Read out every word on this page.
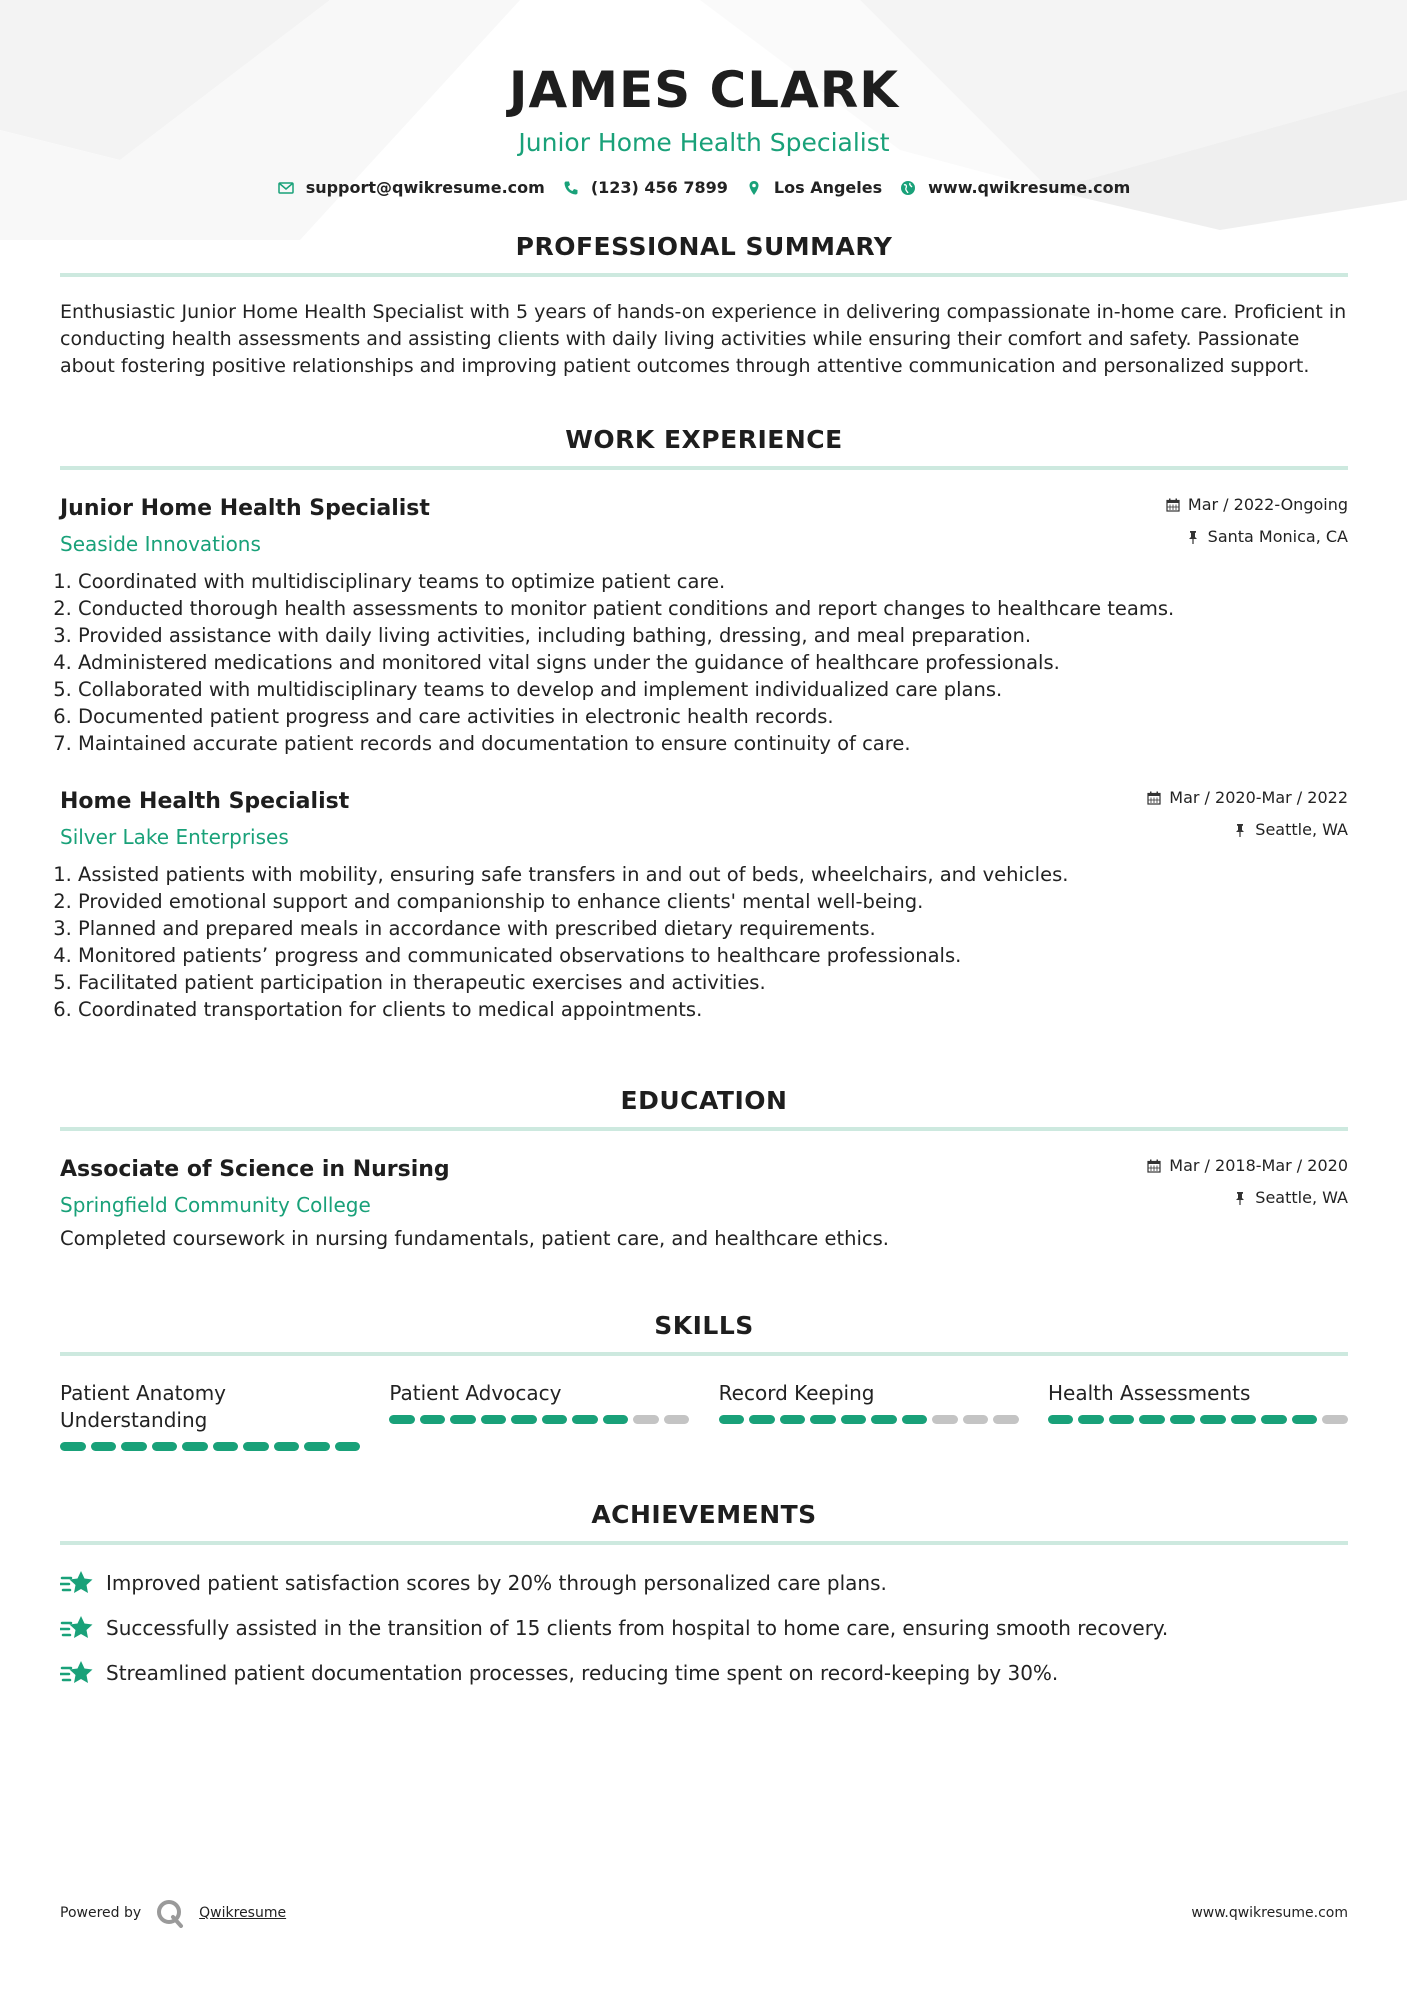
JAMES CLARK
Junior Home Health Specialist
support@qwikresume.com	(123) 456 7899	Los Angeles	www.qwikresume.com
PROFESSIONAL SUMMARY

Enthusiastic Junior Home Health Specialist with 5 years of hands-on experience in delivering compassionate in-home care. Proficient in conducting health assessments and assisting clients with daily living activities while ensuring their comfort and safety. Passionate about fostering positive relationships and improving patient outcomes through attentive communication and personalized support.

WORK EXPERIENCE
Junior Home Health Specialist
Seaside Innovations
Mar / 2022-Ongoing
Santa Monica, CA
1. Coordinated with multidisciplinary teams to optimize patient care.
2. Conducted thorough health assessments to monitor patient conditions and report changes to healthcare teams.
3. Provided assistance with daily living activities, including bathing, dressing, and meal preparation.
4. Administered medications and monitored vital signs under the guidance of healthcare professionals.
5. Collaborated with multidisciplinary teams to develop and implement individualized care plans.
6. Documented patient progress and care activities in electronic health records.
7. Maintained accurate patient records and documentation to ensure continuity of care.
Home Health Specialist
Silver Lake Enterprises
Mar / 2020-Mar / 2022
Seattle, WA
1. Assisted patients with mobility, ensuring safe transfers in and out of beds, wheelchairs, and vehicles.
2. Provided emotional support and companionship to enhance clients' mental well-being.
3. Planned and prepared meals in accordance with prescribed dietary requirements.
4. Monitored patients’ progress and communicated observations to healthcare professionals.
5. Facilitated patient participation in therapeutic exercises and activities.
6. Coordinated transportation for clients to medical appointments.
EDUCATION
Associate of Science in Nursing
Springfield Community College
Mar / 2018-Mar / 2020
Seattle, WA
Completed coursework in nursing fundamentals, patient care, and healthcare ethics.
SKILLS
Patient Anatomy Understanding
Patient Advocacy	Record Keeping	Health Assessments
ACHIEVEMENTS
Improved patient satisfaction scores by 20% through personalized care plans.
Successfully assisted in the transition of 15 clients from hospital to home care, ensuring smooth recovery.
Streamlined patient documentation processes, reducing time spent on record-keeping by 30%.
Powered by	Qwikresume	www.qwikresume.com
